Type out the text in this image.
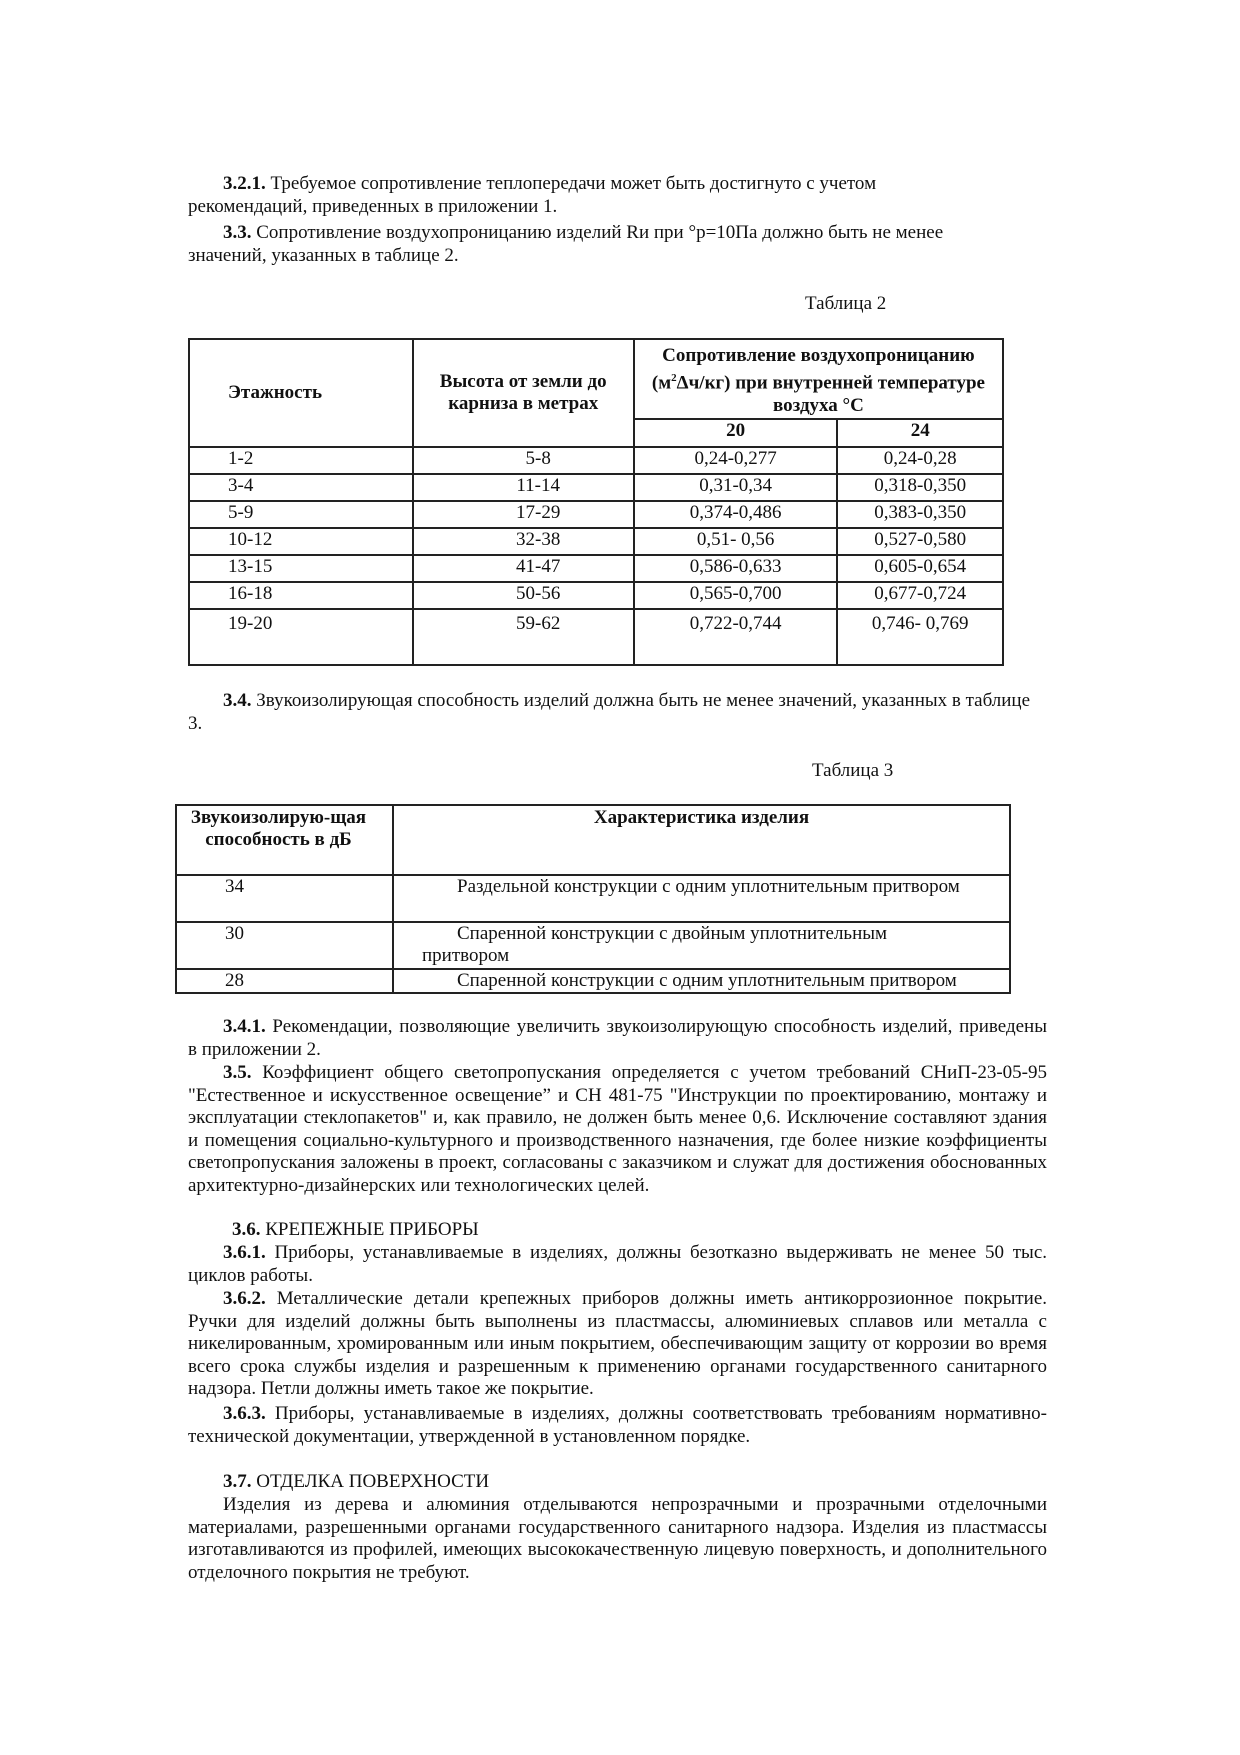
3.2.1. Требуемое сопротивление теплопередачи может быть достигнуто с учетом рекомендаций, приведенных в приложении 1.
3.3. Сопротивление воздухопроницанию изделий Rи при °р=10Па должно быть не менее значений, указанных в таблице 2.
Таблица 2
Этажность	Высота от земли до карниза в метрах	Сопротивление воздухопроницанию $(м^2\Delta ч/кг)$ при внутренней температуре воздуха °С	
		20	24
1-2	5-8	0,24-0,277	0,24-0,28
3-4	11-14	0,31-0,34	0,318-0,350
5-9	17-29	0,374-0,486	0,383-0,350
10-12	32-38	0,51- 0,56	0,527-0,580
13-15	41-47	0,586-0,633	0,605-0,654
16-18	50-56	0,565-0,700	0,677-0,724
19-20	59-62	0,722-0,744	0,746- 0,769
3.4. Звукоизолирующая способность изделий должна быть не менее значений, указанных в таблице 3.
Таблица 3
Звукоизолирую-щая способность в дБ	Характеристика изделия
34	Раздельной конструкции с одним уплотнительным притвором
30	Спаренной конструкции с двойным уплотнительным притвором
28	Спаренной конструкции с одним уплотнительным притвором
3.4.1. Рекомендации, позволяющие увеличить звукоизолирующую способность изделий, приведены в приложении 2.
3.5. Коэффициент общего светопропускания определяется с учетом требований СНиП-23-05-95 "Естественное и искусственное освещение” и СН 481-75 "Инструкции по проектированию, монтажу и эксплуатации стеклопакетов" и, как правило, не должен быть менее 0,6. Исключение составляют здания и помещения социально-культурного и производственного назначения, где более низкие коэффициенты светопропускания заложены в проект, согласованы с заказчиком и служат для достижения обоснованных архитектурно-дизайнерских или технологических целей.
3.6. КРЕПЕЖНЫЕ ПРИБОРЫ
3.6.1. Приборы, устанавливаемые в изделиях, должны безотказно выдерживать не менее 50 тыс. циклов работы.
3.6.2. Металлические детали крепежных приборов должны иметь антикоррозионное покрытие. Ручки для изделий должны быть выполнены из пластмассы, алюминиевых сплавов или металла с никелированным, хромированным или иным покрытием, обеспечивающим защиту от коррозии во время всего срока службы изделия и разрешенным к применению органами государственного санитарного надзора. Петли должны иметь такое же покрытие.
3.6.3. Приборы, устанавливаемые в изделиях, должны соответствовать требованиям нормативно-технической документации, утвержденной в установленном порядке.
3.7. ОТДЕЛКА ПОВЕРХНОСТИ
Изделия из дерева и алюминия отделываются непрозрачными и прозрачными отделочными материалами, разрешенными органами государственного санитарного надзора. Изделия из пластмассы изготавливаются из профилей, имеющих высококачественную лицевую поверхность, и дополнительного отделочного покрытия не требуют.
